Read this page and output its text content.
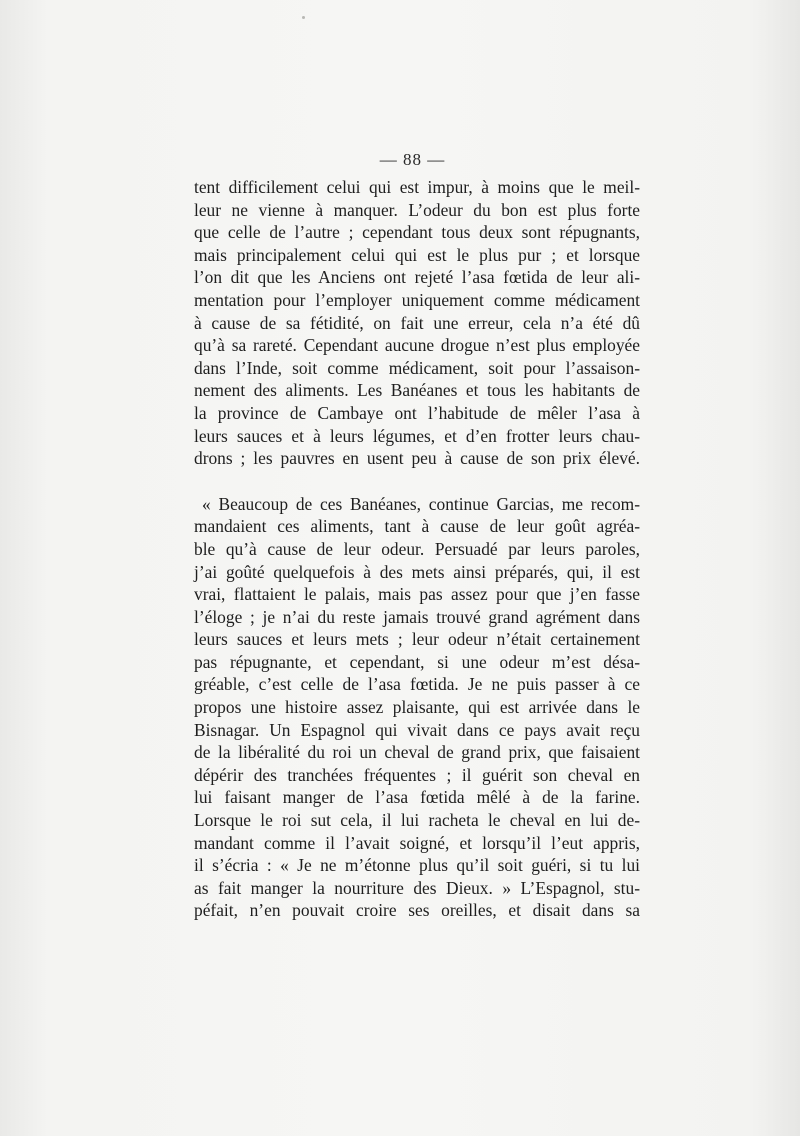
— 88 —
tent difficilement celui qui est impur, à moins que le meil-
leur ne vienne à manquer. L’odeur du bon est plus forte
que celle de l’autre ; cependant tous deux sont répugnants,
mais principalement celui qui est le plus pur ; et lorsque
l’on dit que les Anciens ont rejeté l’asa fœtida de leur ali-
mentation pour l’employer uniquement comme médicament
à cause de sa fétidité, on fait une erreur, cela n’a été dû
qu’à sa rareté. Cependant aucune drogue n’est plus employée
dans l’Inde, soit comme médicament, soit pour l’assaison-
nement des aliments. Les Banéanes et tous les habitants de
la province de Cambaye ont l’habitude de mêler l’asa à
leurs sauces et à leurs légumes, et d’en frotter leurs chau-
drons ; les pauvres en usent peu à cause de son prix élevé.
« Beaucoup de ces Banéanes, continue Garcias, me recom-
mandaient ces aliments, tant à cause de leur goût agréa-
ble qu’à cause de leur odeur. Persuadé par leurs paroles,
j’ai goûté quelquefois à des mets ainsi préparés, qui, il est
vrai, flattaient le palais, mais pas assez pour que j’en fasse
l’éloge ; je n’ai du reste jamais trouvé grand agrément dans
leurs sauces et leurs mets ; leur odeur n’était certainement
pas répugnante, et cependant, si une odeur m’est désa-
gréable, c’est celle de l’asa fœtida. Je ne puis passer à ce
propos une histoire assez plaisante, qui est arrivée dans le
Bisnagar. Un Espagnol qui vivait dans ce pays avait reçu
de la libéralité du roi un cheval de grand prix, que faisaient
dépérir des tranchées fréquentes ; il guérit son cheval en
lui faisant manger de l’asa fœtida mêlé à de la farine.
Lorsque le roi sut cela, il lui racheta le cheval en lui de-
mandant comme il l’avait soigné, et lorsqu’il l’eut appris,
il s’écria : « Je ne m’étonne plus qu’il soit guéri, si tu lui
as fait manger la nourriture des Dieux. » L’Espagnol, stu-
péfait, n’en pouvait croire ses oreilles, et disait dans sa
